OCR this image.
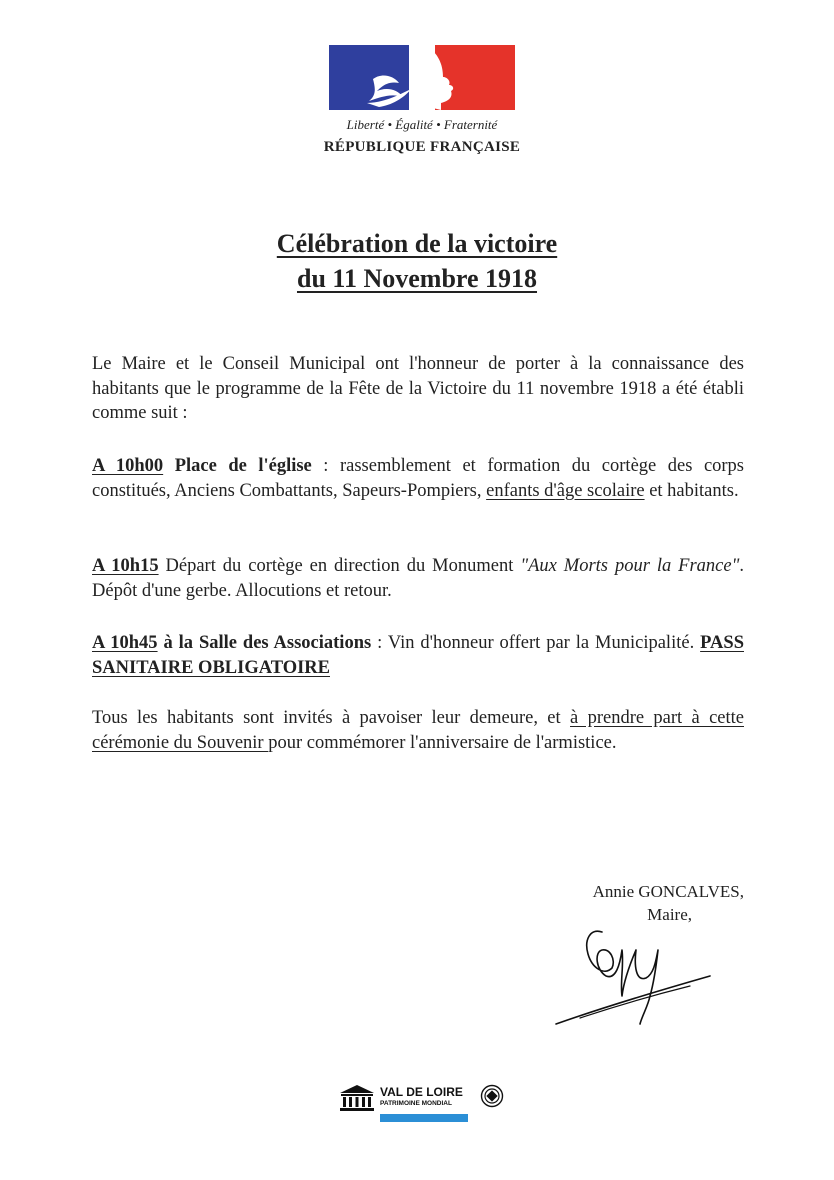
Liberté • Égalité • Fraternité
RÉPUBLIQUE FRANÇAISE
Célébration de la victoire
du 11 Novembre 1918
Le Maire et le Conseil Municipal ont l'honneur de porter à la connaissance des habitants que le programme de la Fête de la Victoire du 11 novembre 1918 a été établi comme suit :
A 10h00 Place de l'église : rassemblement et formation du cortège des corps constitués, Anciens Combattants, Sapeurs-Pompiers, enfants d'âge scolaire et habitants.
A 10h15 Départ du cortège en direction du Monument "Aux Morts pour la France". Dépôt d'une gerbe. Allocutions et retour.
A 10h45 à la Salle des Associations : Vin d'honneur offert par la Municipalité. PASS SANITAIRE OBLIGATOIRE
Tous les habitants sont invités à pavoiser leur demeure, et à prendre part à cette cérémonie du Souvenir pour commémorer l'anniversaire de l'armistice.
Annie GONCALVES,
Maire,
VAL DE LOIRE
PATRIMOINE MONDIAL
